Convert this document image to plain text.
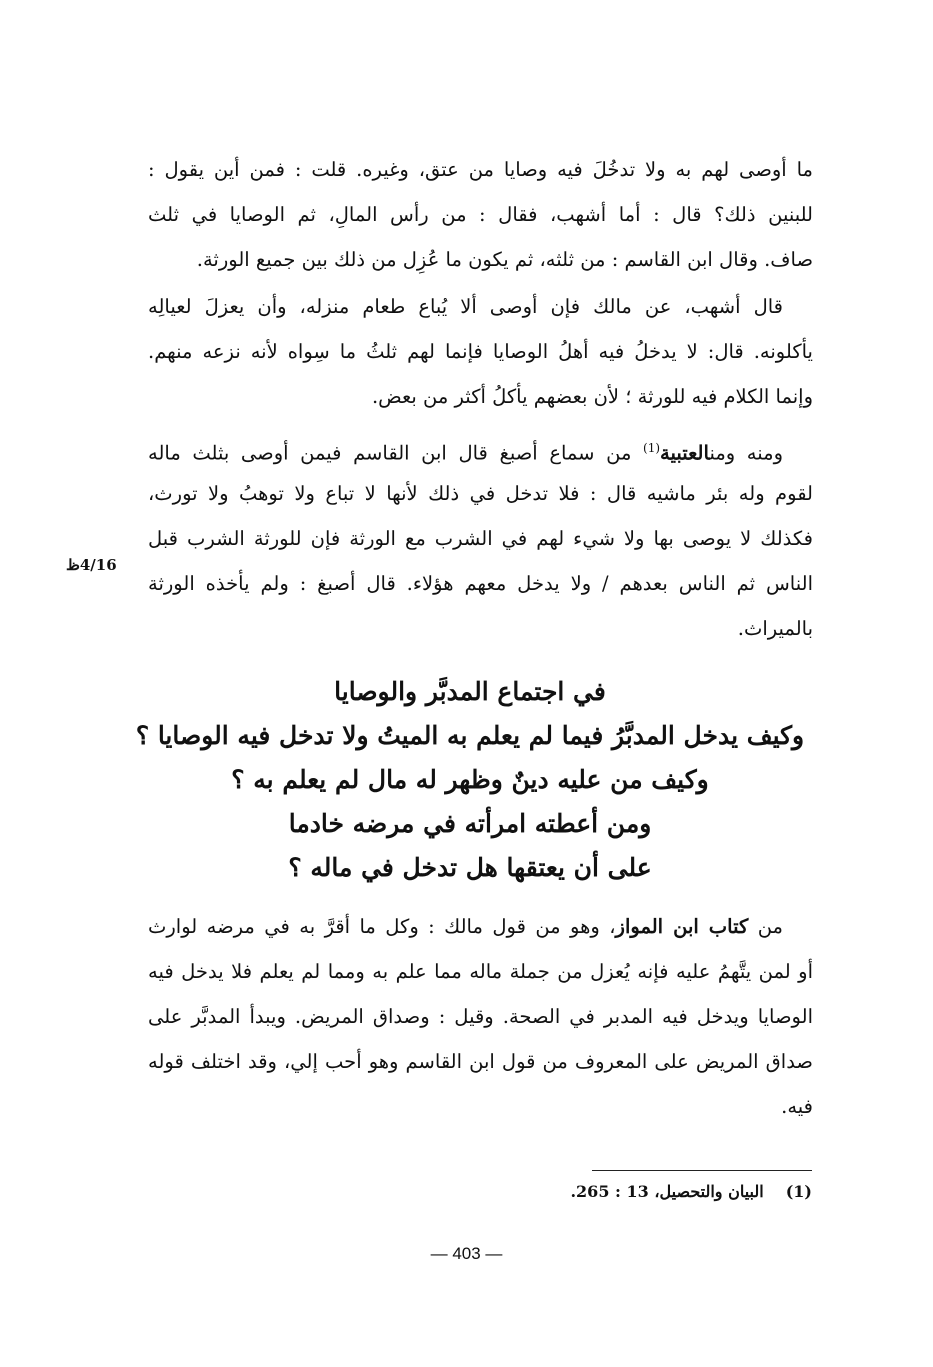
ما أوصى لهم به ولا تدخُلَ فيه وصايا من عتق، وغيره. قلت : فمن أين يقول :
للبنين ذلك؟ قال : أما أشهب، فقال : من رأس المالِ، ثم الوصايا في ثلث
صاف. وقال ابن القاسم : من ثلثه، ثم يكون ما عُزِل من ذلك بين جميع الورثة.
قال أشهب، عن مالك فإن أوصى ألا يُباع طعام منزله، وأن يعزلَ لعيالِه
يأكلونه. قال: لا يدخلُ فيه أهلُ الوصايا فإنما لهم ثلثُ ما سِواه لأنه نزعه منهم.
وإنما الكلام فيه للورثة ؛ لأن بعضهم يأكلُ أكثر من بعض.
ومنه ومنالعتبية$^{(1)}$ من سماع أصبغ قال ابن القاسم فيمن أوصى بثلث ماله
لقوم وله بئر ماشيه قال : فلا تدخل في ذلك لأنها لا تباع ولا توهبُ ولا تورث،
فكذلك لا يوصى بها ولا شيء لهم في الشرب مع الورثة فإن للورثة الشرب قبل
الناس ثم الناس بعدهم / ولا يدخل معهم هؤلاء. قال أصبغ : ولم يأخذه الورثة
بالميراث.
4/16ظ
في اجتماع المدبَّر والوصايا
وكيف يدخل المدبَّرُ فيما لم يعلم به الميتُ ولا تدخل فيه الوصايا ؟
وكيف من عليه دينٌ وظهر له مال لم يعلم به ؟
ومن أعطته امرأته في مرضه خادما
على أن يعتقها هل تدخل في ماله ؟
من كتاب ابن المواز، وهو من قول مالك : وكل ما أقرَّ به في مرضه لوارث
أو لمن يتَّهمُ عليه فإنه يُعزل من جملة ماله مما علم به ومما لم يعلم فلا يدخل فيه
الوصايا ويدخل فيه المدبر في الصحة. وقيل : وصداق المريض. ويبدأ المدبَّر على
صداق المريض على المعروف من قول ابن القاسم وهو أحب إلي، وقد اختلف قوله
فيه.
(1)البيان والتحصيل، 13 : 265.
— 403 —
